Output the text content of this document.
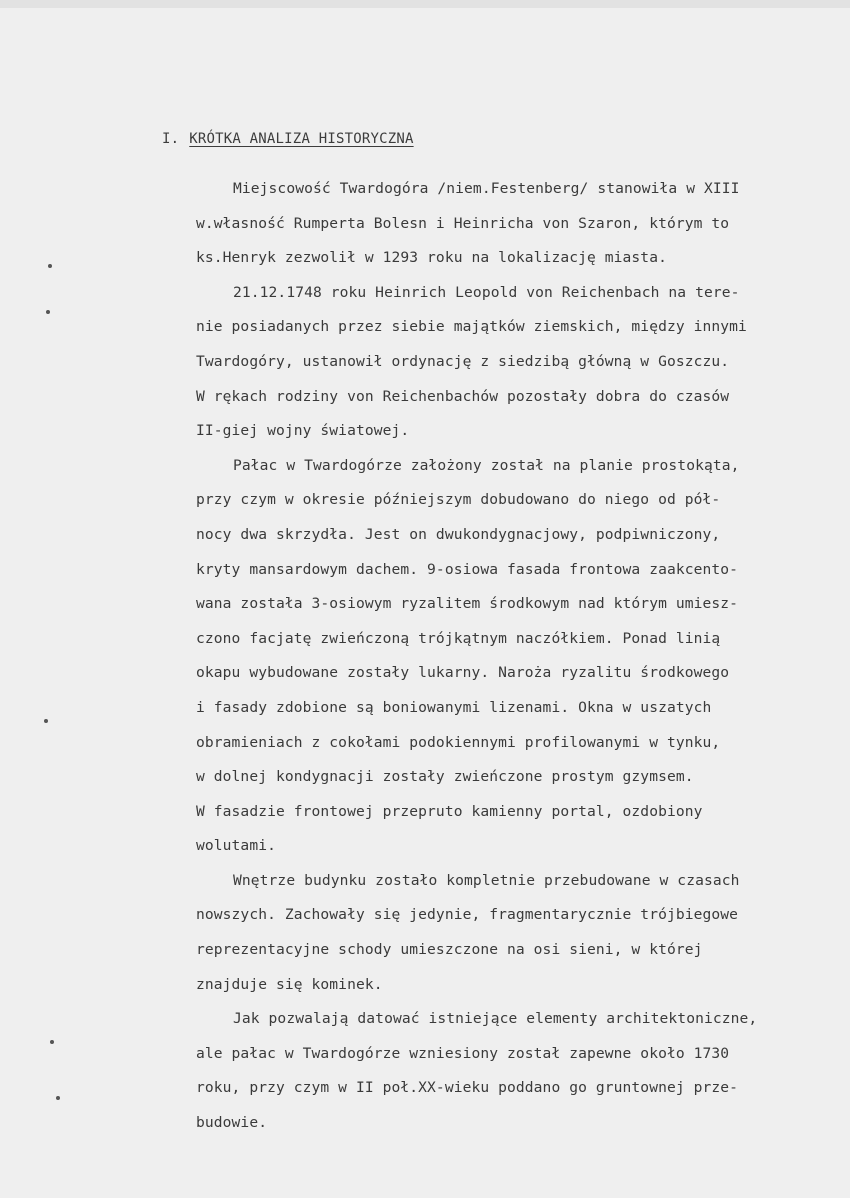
I. KRÓTKA ANALIZA HISTORYCZNA
Miejscowość Twardogóra /niem.Festenberg/ stanowiła w XIII
w.własność Rumperta Bolesn i Heinricha von Szaron, którym to
ks.Henryk zezwolił w 1293 roku na lokalizację miasta.
21.12.1748 roku Heinrich Leopold von Reichenbach na tere-
nie posiadanych przez siebie majątków ziemskich, między innymi
Twardogóry, ustanowił ordynację z siedzibą główną w Goszczu.
W rękach rodziny von Reichenbachów pozostały dobra do czasów
II-giej wojny światowej.
Pałac w Twardogórze założony został na planie prostokąta,
przy czym w okresie późniejszym dobudowano do niego od pół-
nocy dwa skrzydła. Jest on dwukondygnacjowy, podpiwniczony,
kryty mansardowym dachem. 9-osiowa fasada frontowa zaakcento-
wana została 3-osiowym ryzalitem środkowym nad którym umiesz-
czono facjatę zwieńczoną trójkątnym naczółkiem. Ponad linią
okapu wybudowane zostały lukarny. Naroża ryzalitu środkowego
i fasady zdobione są boniowanymi lizenami. Okna w uszatych
obramieniach z cokołami podokiennymi profilowanymi w tynku,
w dolnej kondygnacji zostały zwieńczone prostym gzymsem.
W fasadzie frontowej przepruto kamienny portal, ozdobiony
wolutami.
Wnętrze budynku zostało kompletnie przebudowane w czasach
nowszych. Zachowały się jedynie, fragmentarycznie trójbiegowe
reprezentacyjne schody umieszczone na osi sieni, w której
znajduje się kominek.
Jak pozwalają datować istniejące elementy architektoniczne,
ale pałac w Twardogórze wzniesiony został zapewne około 1730
roku, przy czym w II poł.XX-wieku poddano go gruntownej prze-
budowie.
